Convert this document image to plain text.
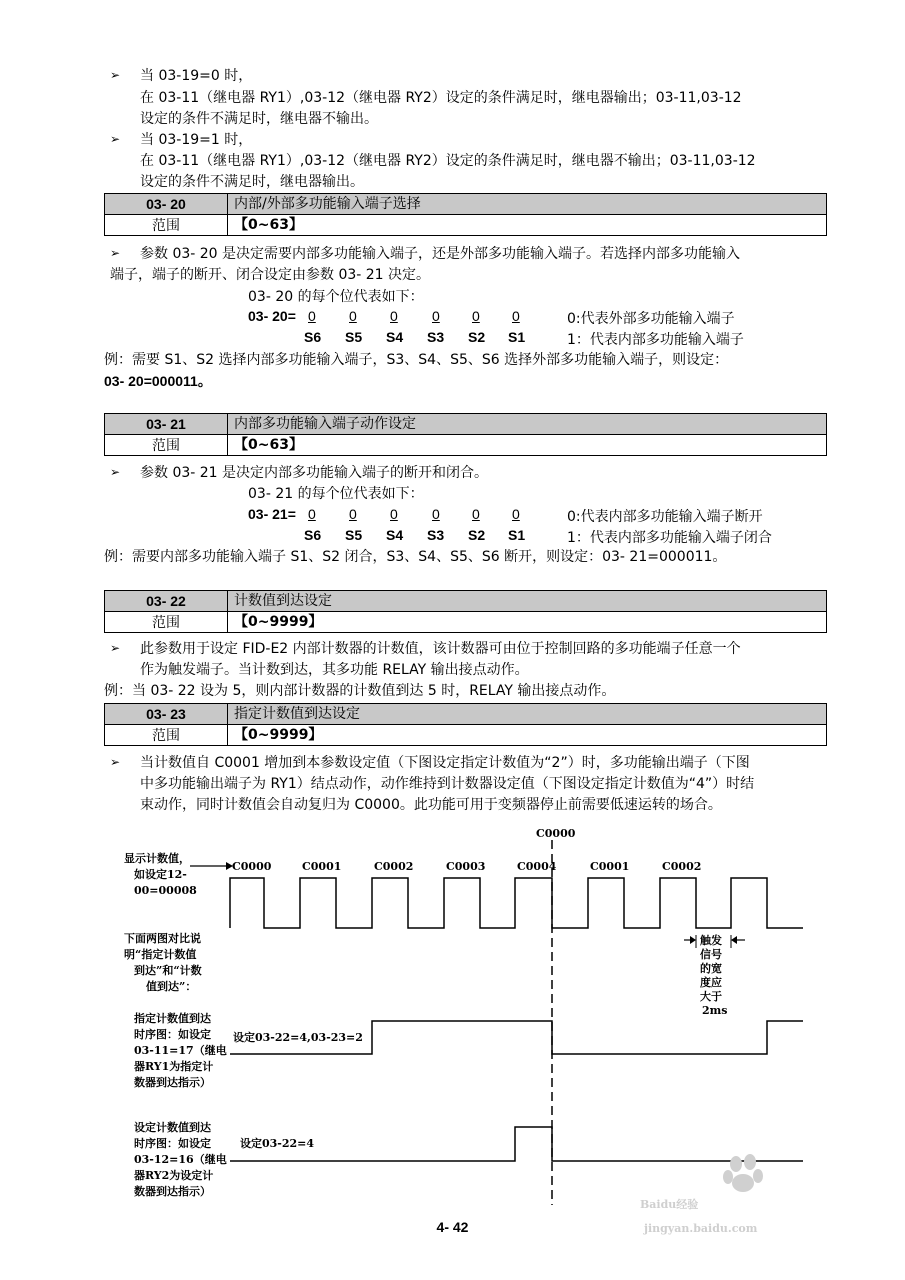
➢ 当 03-19=0 时，
在 03-11（继电器 RY1）,03-12（继电器 RY2）设定的条件满足时，继电器输出；03-11,03-12
设定的条件不满足时，继电器不输出。
➢ 当 03-19=1 时，
在 03-11（继电器 RY1）,03-12（继电器 RY2）设定的条件满足时，继电器不输出；03-11,03-12
设定的条件不满足时，继电器输出。
03- 20	内部/外部多功能输入端子选择
范围	【0~63】
➢ 参数 03- 20 是决定需要内部多功能输入端子，还是外部多功能输入端子。若选择内部多功能输入
端子，端子的断开、闭合设定由参数 03- 21 决定。
03- 20 的每个位代表如下：
03- 20= 0 0 0 0 0 0	0:代表外部多功能输入端子
S6 S5 S4 S3 S2 S1	1：代表内部多功能输入端子
例：需要 S1、S2 选择内部多功能输入端子，S3、S4、S5、S6 选择外部多功能输入端子，则设定：
03- 20=000011。
03- 21	内部多功能输入端子动作设定
范围	【0~63】
➢ 参数 03- 21 是决定内部多功能输入端子的断开和闭合。
03- 21 的每个位代表如下：
03- 21= 0 0 0 0 0 0	0:代表内部多功能输入端子断开
S6 S5 S4 S3 S2 S1	1：代表内部多功能输入端子闭合
例：需要内部多功能输入端子 S1、S2 闭合，S3、S4、S5、S6 断开，则设定：03- 21=000011。
03- 22	计数值到达设定
范围	【0~9999】
➢ 此参数用于设定 FID-E2 内部计数器的计数值，该计数器可由位于控制回路的多功能端子任意一个
作为触发端子。当计数到达，其多功能 RELAY 输出接点动作。
例：当 03- 22 设为 5，则内部计数器的计数值到达 5 时，RELAY 输出接点动作。
03- 23	指定计数值到达设定
范围	【0~9999】
➢ 当计数值自 C0001 增加到本参数设定值（下图设定指定计数值为“2”）时，多功能输出端子（下图
中多功能输出端子为 RY1）结点动作，动作维持到计数器设定值（下图设定指定计数值为“4”）时结
束动作，同时计数值会自动复归为 C0000。此功能可用于变频器停止前需要低速运转的场合。
C0000
C0000	C0001	C0002	C0003	C0004	C0001	C0002
显示计数值，
如设定12-
00=00008
下面两图对比说
明“指定计数值
到达”和“计数
值到达”：
触发
信号
的宽
度应
大于
2ms
设定03-22=4,03-23=2
指定计数值到达
时序图：如设定
03-11=17（继电
器RY1为指定计
数器到达指示）
设定03-22=4
设定计数值到达
时序图：如设定
03-12=16（继电
器RY2为设定计
数器到达指示）
4- 42
Baidu经验
jingyan.baidu.com
